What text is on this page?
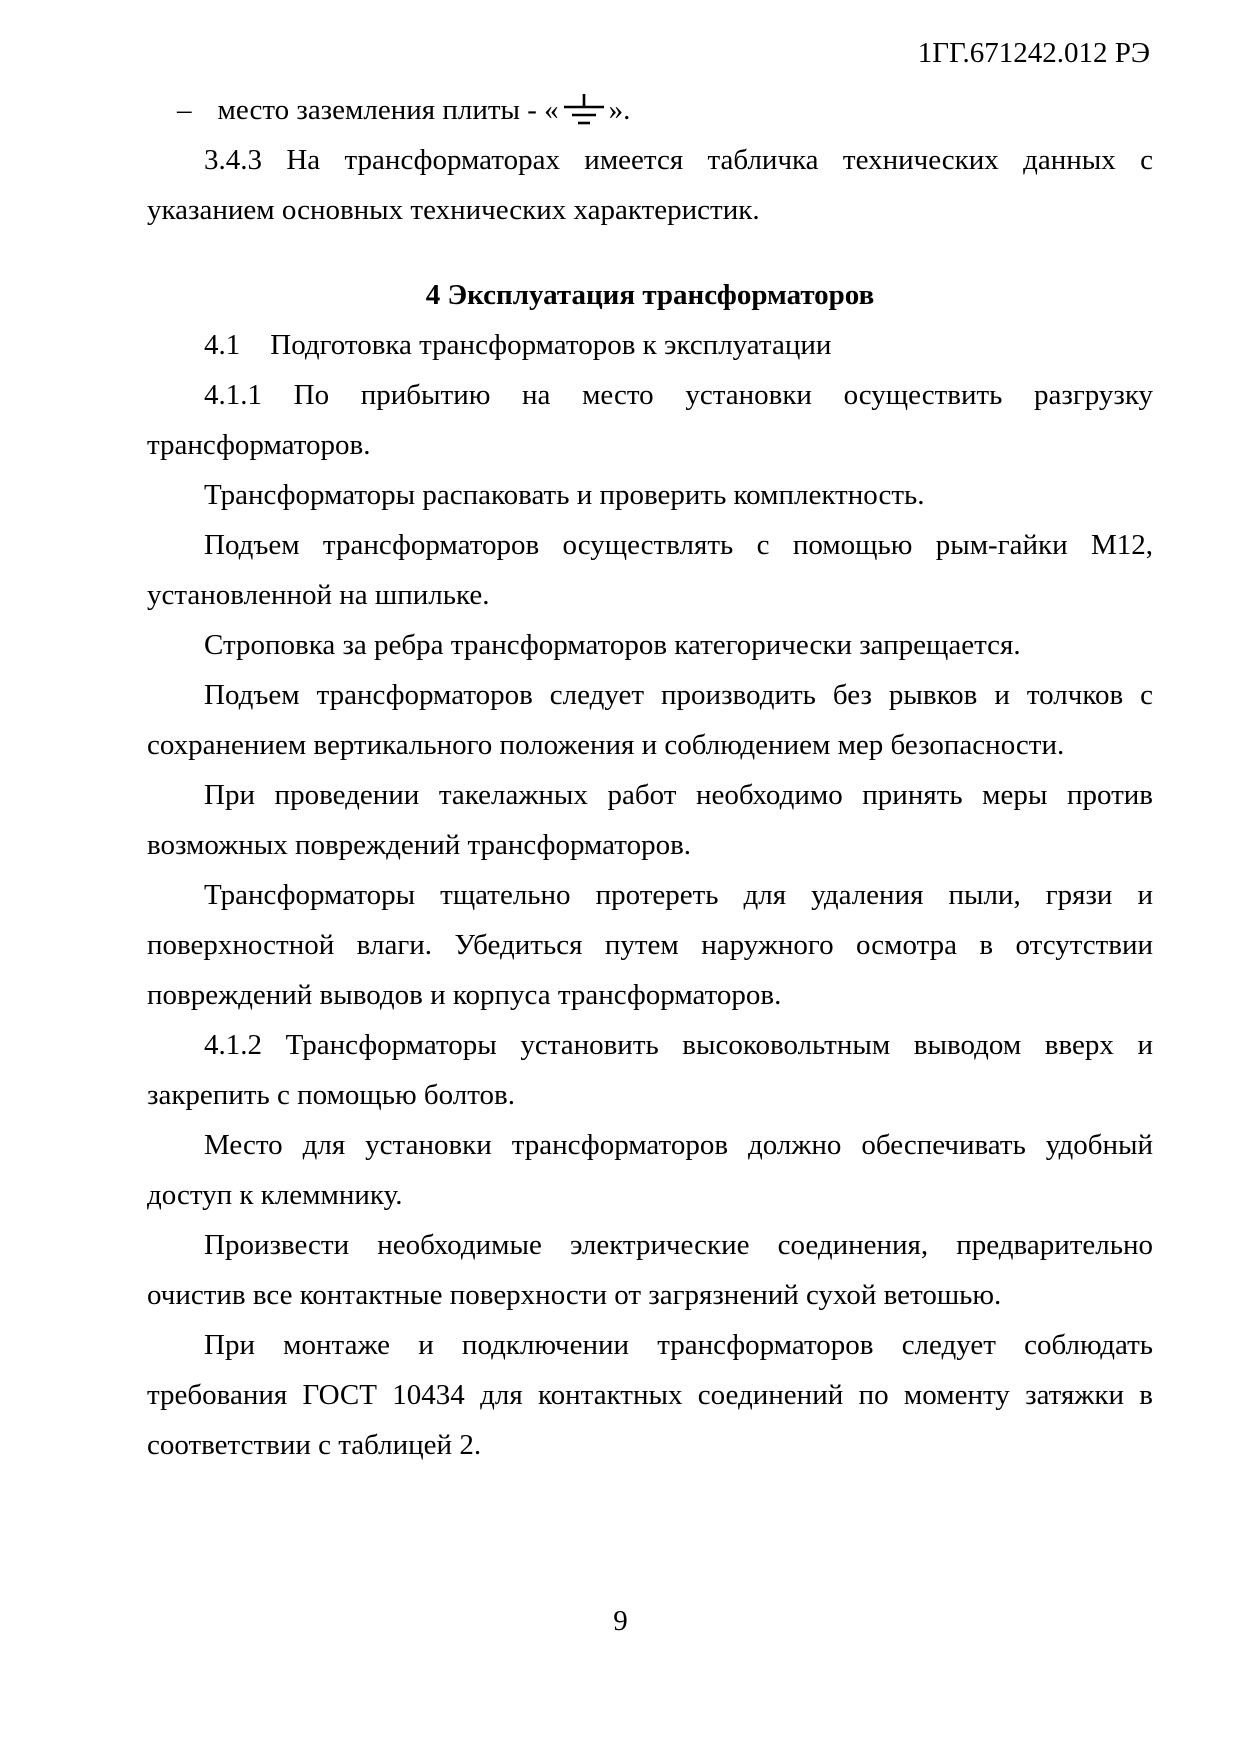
1ГГ.671242.012 РЭ
– место заземления плиты - « ».
3.4.3 На трансформаторах имеется табличка технических данных с
указанием основных технических характеристик.
4 Эксплуатация трансформаторов
4.1 Подготовка трансформаторов к эксплуатации
4.1.1 По прибытию на место установки осуществить разгрузку
трансформаторов.
Трансформаторы распаковать и проверить комплектность.
Подъем трансформаторов осуществлять с помощью рым-гайки М12,
установленной на шпильке.
Строповка за ребра трансформаторов категорически запрещается.
Подъем трансформаторов следует производить без рывков и толчков с
сохранением вертикального положения и соблюдением мер безопасности.
При проведении такелажных работ необходимо принять меры против
возможных повреждений трансформаторов.
Трансформаторы тщательно протереть для удаления пыли, грязи и
поверхностной влаги. Убедиться путем наружного осмотра в отсутствии
повреждений выводов и корпуса трансформаторов.
4.1.2 Трансформаторы установить высоковольтным выводом вверх и
закрепить с помощью болтов.
Место для установки трансформаторов должно обеспечивать удобный
доступ к клеммнику.
Произвести необходимые электрические соединения, предварительно
очистив все контактные поверхности от загрязнений сухой ветошью.
При монтаже и подключении трансформаторов следует соблюдать
требования ГОСТ 10434 для контактных соединений по моменту затяжки в
соответствии с таблицей 2.
9
